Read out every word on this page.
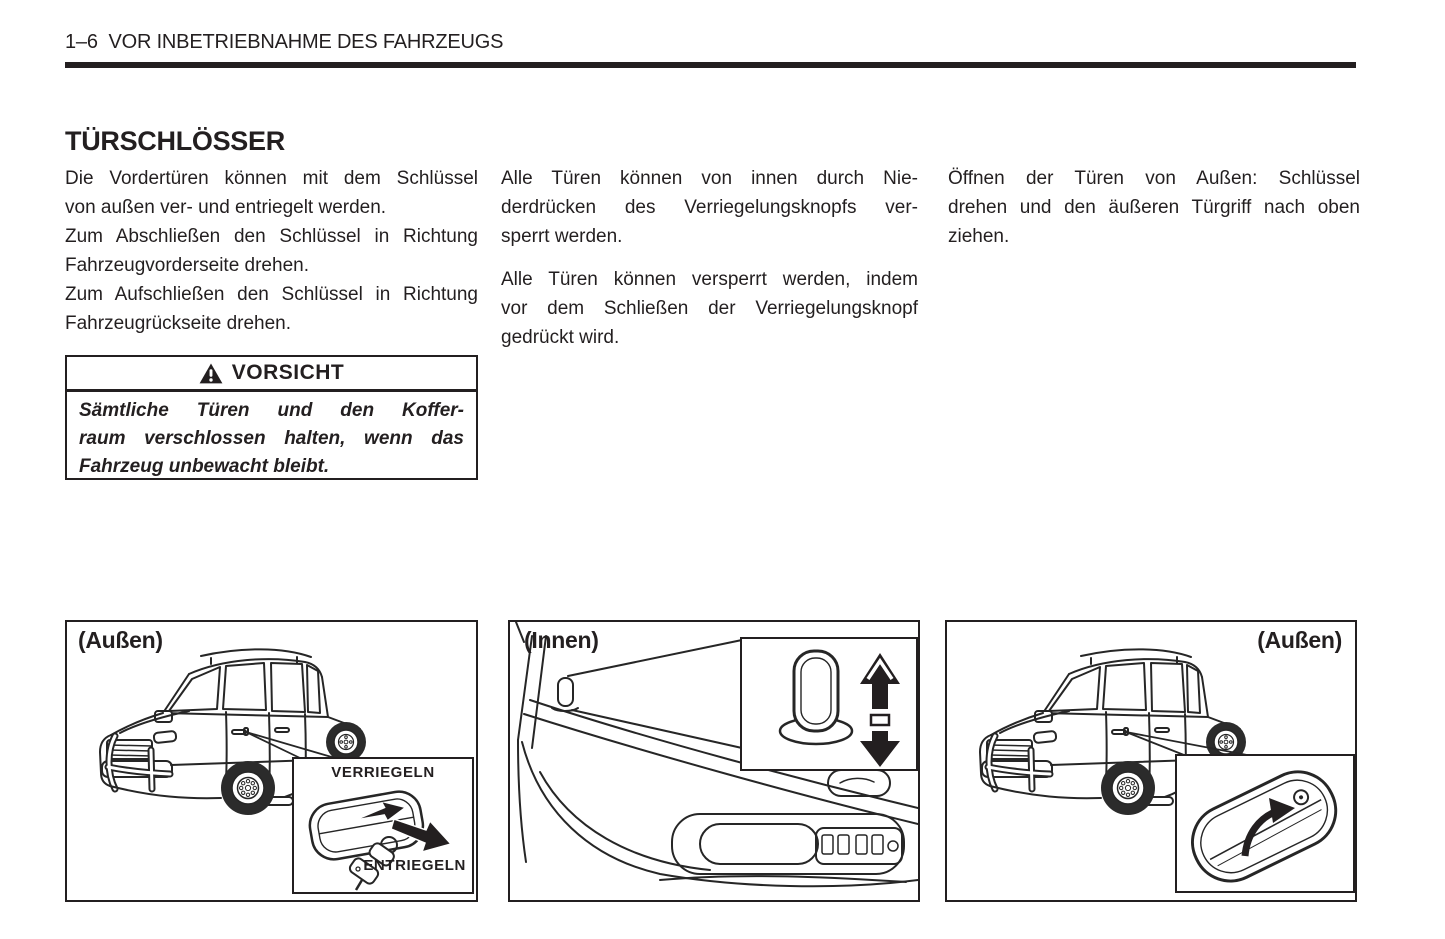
1–6  VOR INBETRIEBNAHME DES FAHRZEUGS
TÜRSCHLÖSSER
Die Vordertüren können mit dem Schlüssel
von außen ver- und entriegelt werden.
Zum Abschließen den Schlüssel in Richtung
Fahrzeugvorderseite drehen.
Zum Aufschließen den Schlüssel in Richtung
Fahrzeugrückseite drehen.
VORSICHT
Sämtliche Türen und den Koffer-
raum verschlossen halten, wenn das
Fahrzeug unbewacht bleibt.
Alle Türen können von innen durch Nie-
derdrücken des Verriegelungsknopfs ver-
sperrt werden.
Alle Türen können versperrt werden, indem
vor dem Schließen der Verriegelungsknopf
gedrückt wird.
Öffnen der Türen von Außen: Schlüssel
drehen und den äußeren Türgriff nach oben
ziehen.
(Außen)
VERRIEGELN
ENTRIEGELN
(Innen)	(Außen)
